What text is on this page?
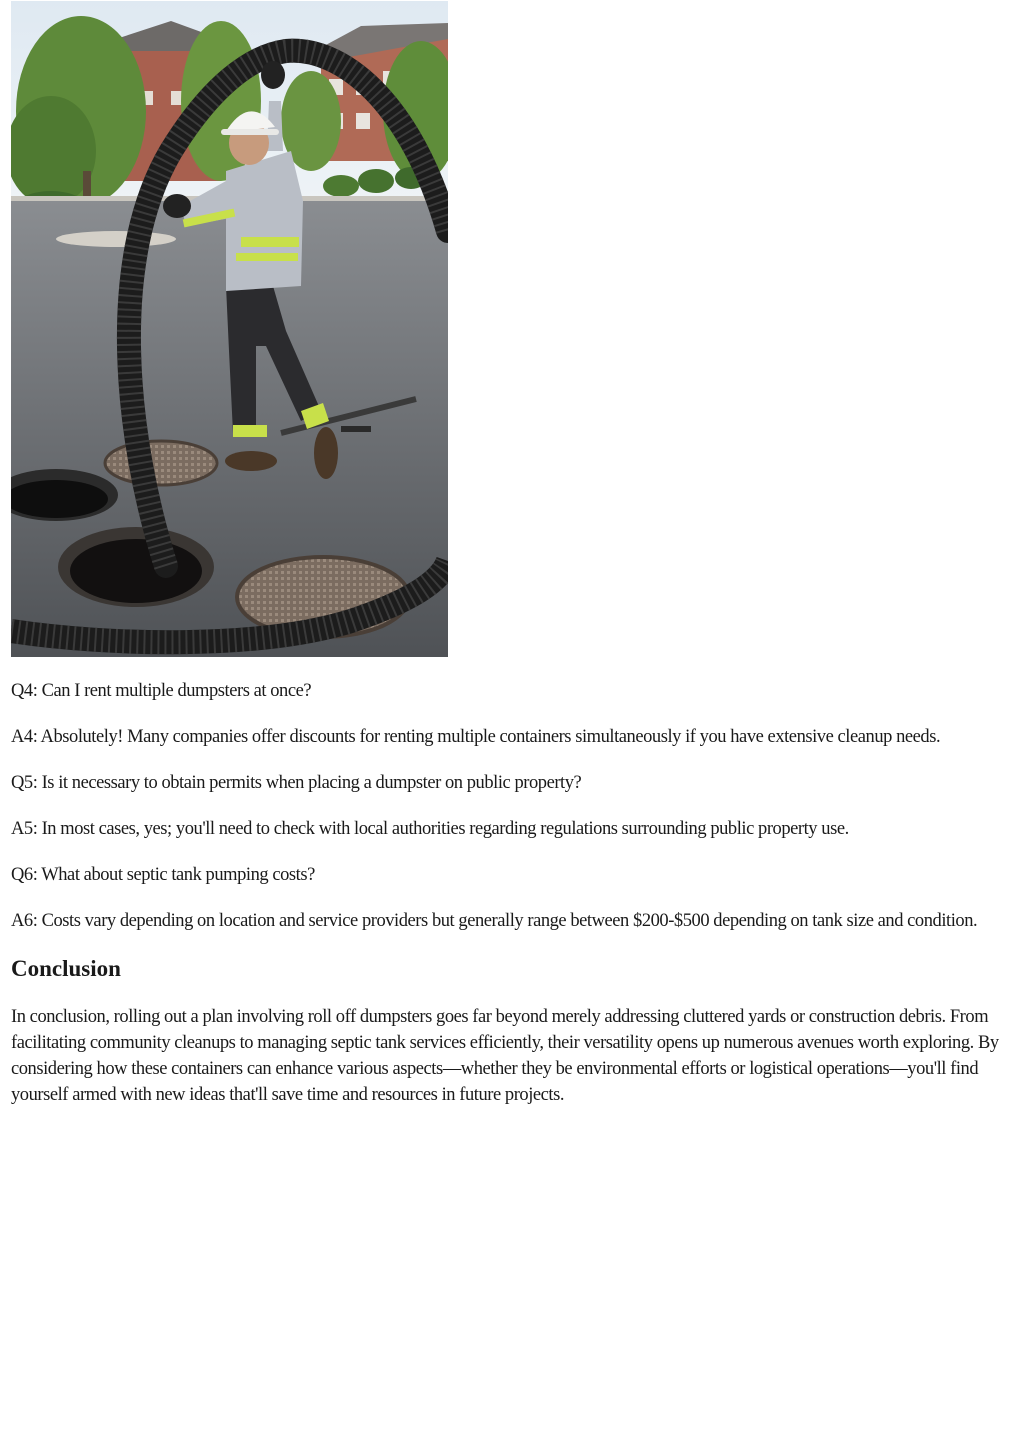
Q4: Can I rent multiple dumpsters at once?

A4: Absolutely! Many companies offer discounts for renting multiple containers simultaneously if you have extensive cleanup needs.

Q5: Is it necessary to obtain permits when placing a dumpster on public property?

A5: In most cases, yes; you'll need to check with local authorities regarding regulations surrounding public property use.

Q6: What about septic tank pumping costs?

A6: Costs vary depending on location and service providers but generally range between $200-$500 depending on tank size and condition.

Conclusion

In conclusion, rolling out a plan involving roll off dumpsters goes far beyond merely addressing cluttered yards or construction debris. From facilitating community cleanups to managing septic tank services efficiently, their versatility opens up numerous avenues worth exploring. By considering how these containers can enhance various aspects—whether they be environmental efforts or logistical operations—you'll find yourself armed with new ideas that'll save time and resources in future projects.
